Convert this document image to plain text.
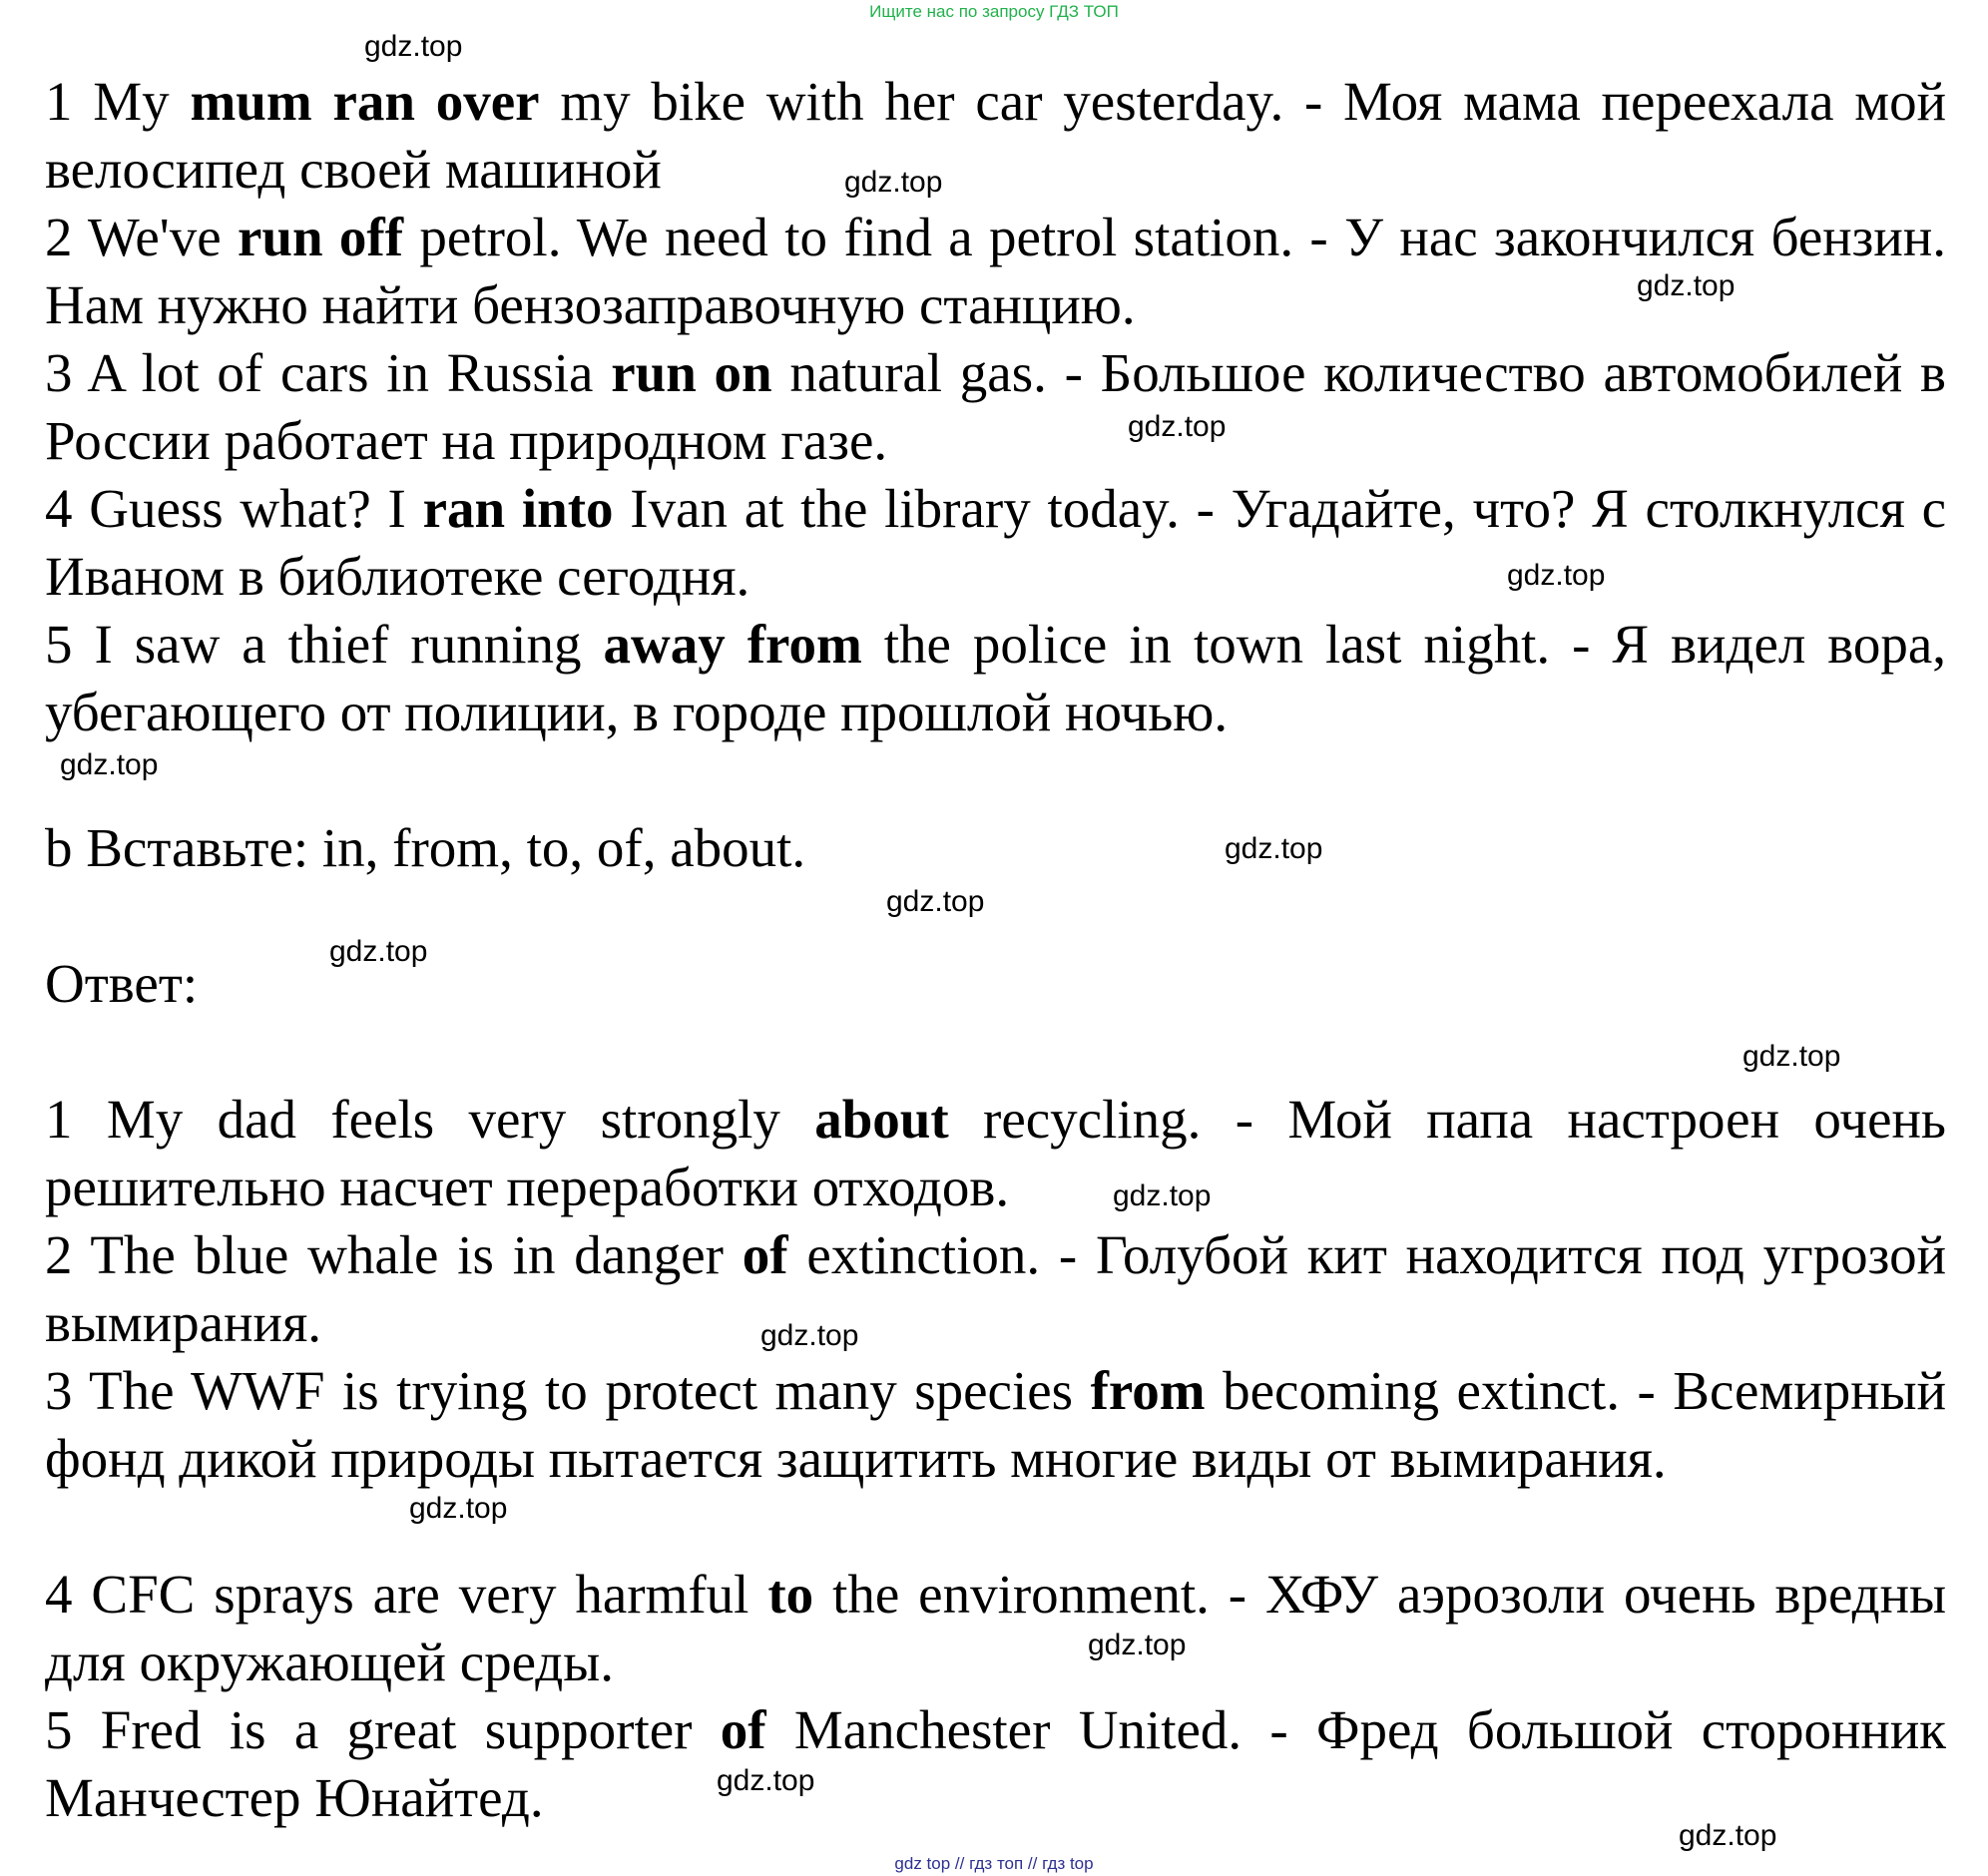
Ищите нас по запросу ГДЗ ТОП
1 My mum ran over my bike with her car yesterday. - Моя мама переехала мой велосипед своей машиной
2 We've run off petrol. We need to find a petrol station. - У нас закончился бензин. Нам нужно найти бензозаправочную станцию.
3 A lot of cars in Russia run on natural gas. - Большое количество автомобилей в России работает на природном газе.
4 Guess what? I ran into Ivan at the library today. - Угадайте, что? Я столкнулся с Иваном в библиотеке сегодня.
5 I saw a thief running away from the police in town last night. - Я видел вора, убегающего от полиции, в городе прошлой ночью.
b Вставьте: in, from, to, of, about.
Ответ:
1 My dad feels very strongly about recycling. - Мой папа настроен очень решительно насчет переработки отходов.
2 The blue whale is in danger of extinction. - Голубой кит находится под угрозой вымирания.
3 The WWF is trying to protect many species from becoming extinct. - Всемирный фонд дикой природы пытается защитить многие виды от вымирания.
4 CFC sprays are very harmful to the environment. - ХФУ аэрозоли очень вредны для окружающей среды.
5 Fred is a great supporter of Manchester United. - Фред большой сторонник Манчестер Юнайтед.
gdz.top
gdz.top
gdz.top
gdz.top
gdz.top
gdz.top
gdz.top
gdz.top
gdz.top
gdz.top
gdz.top
gdz.top
gdz.top
gdz.top
gdz.top
gdz.top
gdz top // гдз топ // гдз top
